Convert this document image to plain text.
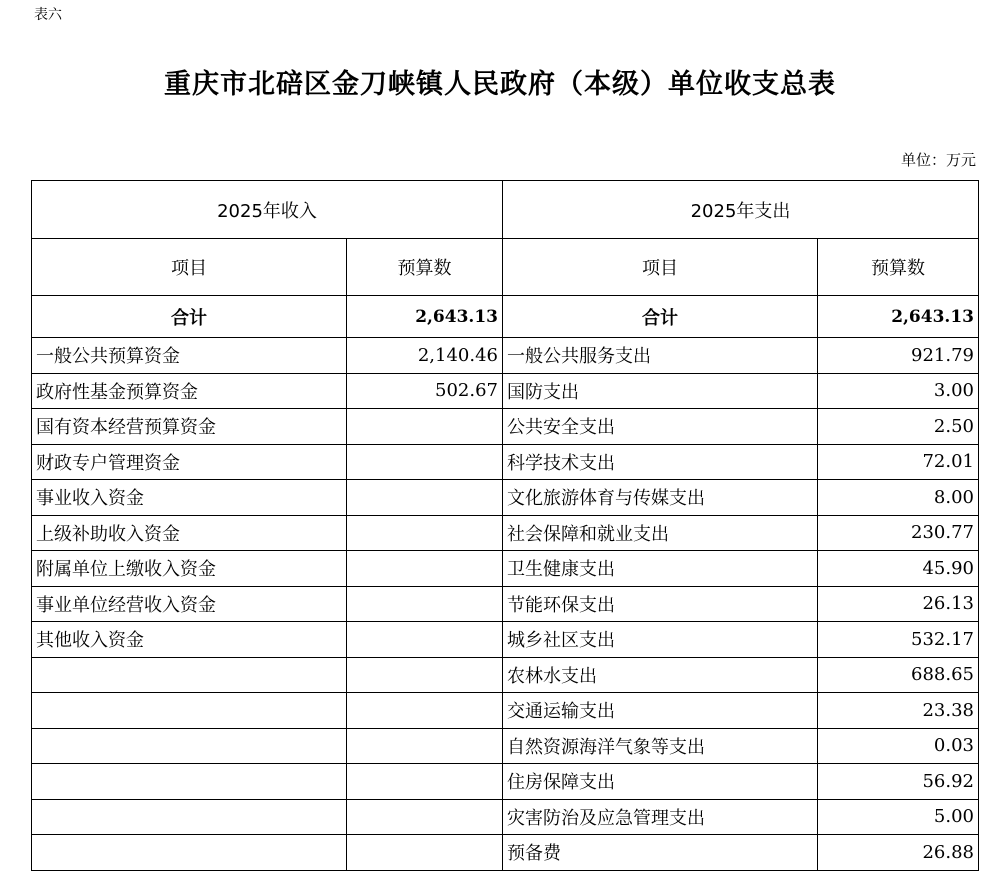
表六
重庆市北碚区金刀峡镇人民政府（本级）单位收支总表
单位：万元
2025年收入		2025年支出	
项目	预算数	项目	预算数
合计	2,643.13	合计	2,643.13
一般公共预算资金	2,140.46	一般公共服务支出	921.79
政府性基金预算资金	502.67	国防支出	3.00
国有资本经营预算资金		公共安全支出	2.50
财政专户管理资金		科学技术支出	72.01
事业收入资金		文化旅游体育与传媒支出	8.00
上级补助收入资金		社会保障和就业支出	230.77
附属单位上缴收入资金		卫生健康支出	45.90
事业单位经营收入资金		节能环保支出	26.13
其他收入资金		城乡社区支出	532.17
		农林水支出	688.65
		交通运输支出	23.38
		自然资源海洋气象等支出	0.03
		住房保障支出	56.92
		灾害防治及应急管理支出	5.00
		预备费	26.88
